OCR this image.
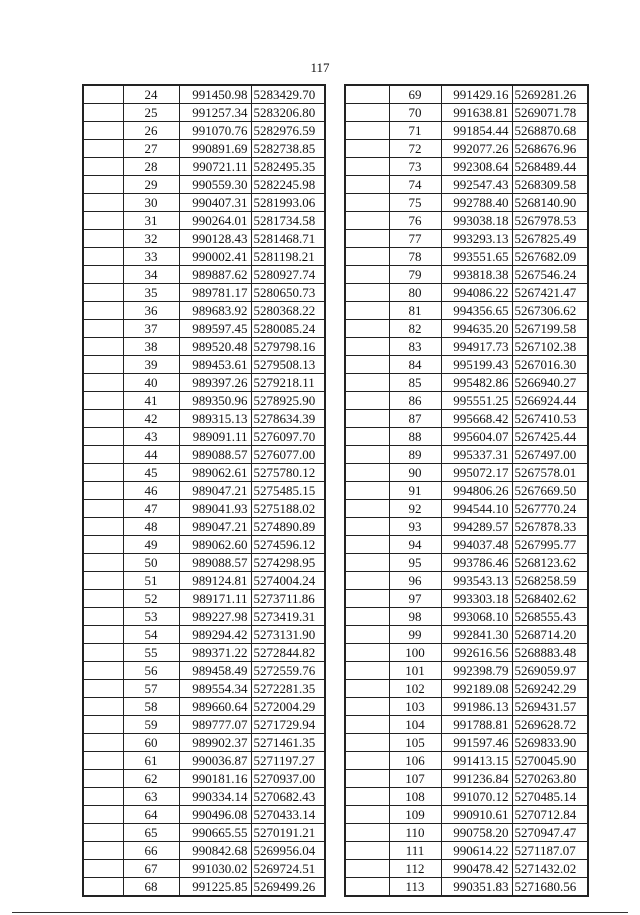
117
	24	991450.98	5283429.70
	25	991257.34	5283206.80
	26	991070.76	5282976.59
	27	990891.69	5282738.85
	28	990721.11	5282495.35
	29	990559.30	5282245.98
	30	990407.31	5281993.06
	31	990264.01	5281734.58
	32	990128.43	5281468.71
	33	990002.41	5281198.21
	34	989887.62	5280927.74
	35	989781.17	5280650.73
	36	989683.92	5280368.22
	37	989597.45	5280085.24
	38	989520.48	5279798.16
	39	989453.61	5279508.13
	40	989397.26	5279218.11
	41	989350.96	5278925.90
	42	989315.13	5278634.39
	43	989091.11	5276097.70
	44	989088.57	5276077.00
	45	989062.61	5275780.12
	46	989047.21	5275485.15
	47	989041.93	5275188.02
	48	989047.21	5274890.89
	49	989062.60	5274596.12
	50	989088.57	5274298.95
	51	989124.81	5274004.24
	52	989171.11	5273711.86
	53	989227.98	5273419.31
	54	989294.42	5273131.90
	55	989371.22	5272844.82
	56	989458.49	5272559.76
	57	989554.34	5272281.35
	58	989660.64	5272004.29
	59	989777.07	5271729.94
	60	989902.37	5271461.35
	61	990036.87	5271197.27
	62	990181.16	5270937.00
	63	990334.14	5270682.43
	64	990496.08	5270433.14
	65	990665.55	5270191.21
	66	990842.68	5269956.04
	67	991030.02	5269724.51
	68	991225.85	5269499.26
	69	991429.16	5269281.26
	70	991638.81	5269071.78
	71	991854.44	5268870.68
	72	992077.26	5268676.96
	73	992308.64	5268489.44
	74	992547.43	5268309.58
	75	992788.40	5268140.90
	76	993038.18	5267978.53
	77	993293.13	5267825.49
	78	993551.65	5267682.09
	79	993818.38	5267546.24
	80	994086.22	5267421.47
	81	994356.65	5267306.62
	82	994635.20	5267199.58
	83	994917.73	5267102.38
	84	995199.43	5267016.30
	85	995482.86	5266940.27
	86	995551.25	5266924.44
	87	995668.42	5267410.53
	88	995604.07	5267425.44
	89	995337.31	5267497.00
	90	995072.17	5267578.01
	91	994806.26	5267669.50
	92	994544.10	5267770.24
	93	994289.57	5267878.33
	94	994037.48	5267995.77
	95	993786.46	5268123.62
	96	993543.13	5268258.59
	97	993303.18	5268402.62
	98	993068.10	5268555.43
	99	992841.30	5268714.20
	100	992616.56	5268883.48
	101	992398.79	5269059.97
	102	992189.08	5269242.29
	103	991986.13	5269431.57
	104	991788.81	5269628.72
	105	991597.46	5269833.90
	106	991413.15	5270045.90
	107	991236.84	5270263.80
	108	991070.12	5270485.14
	109	990910.61	5270712.84
	110	990758.20	5270947.47
	111	990614.22	5271187.07
	112	990478.42	5271432.02
	113	990351.83	5271680.56
